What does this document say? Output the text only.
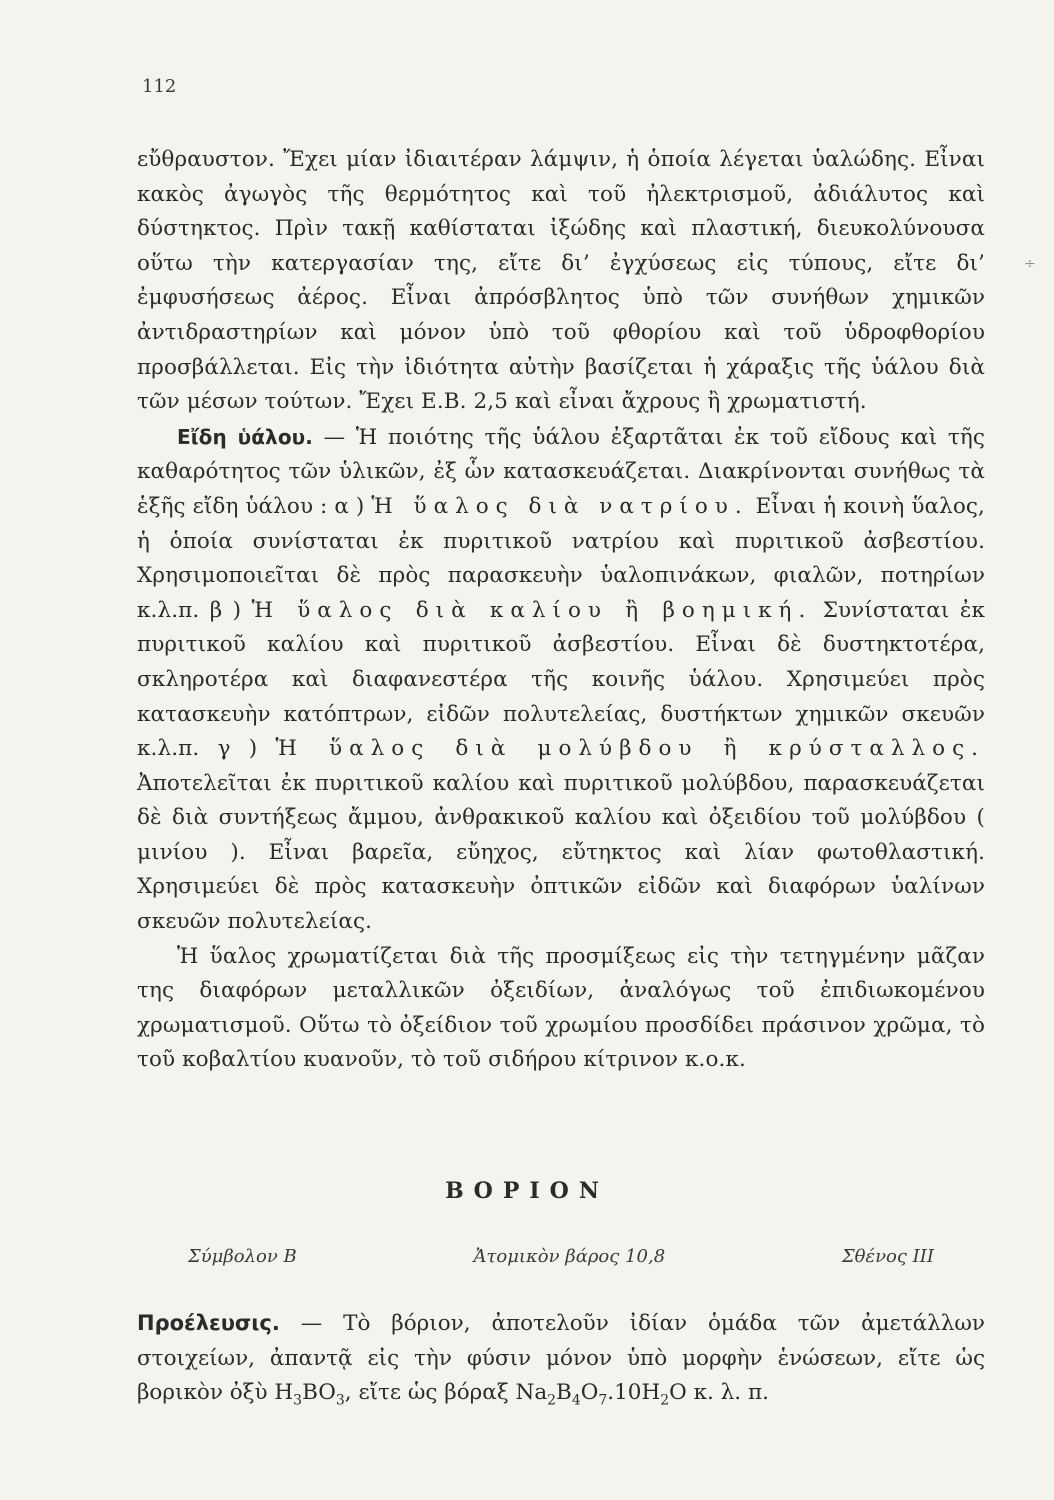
112
÷

εὔθραυστον. Ἔχει μίαν ἰδιαιτέραν λάμψιν, ἡ ὁποία λέγεται ὑαλώδης. Εἶναι κακὸς ἀγωγὸς τῆς θερμότητος καὶ τοῦ ἠλεκτρισμοῦ, ἀδιάλυτος καὶ δύστηκτος. Πρὶν τακῇ καθίσταται ἰξώδης καὶ πλαστική, διευκολύνουσα οὕτω τὴν κατεργασίαν της, εἴτε δι’ ἐγχύσεως εἰς τύπους, εἴτε δι’ ἐμφυσήσεως ἀέρος. Εἶναι ἀπρόσβλητος ὑπὸ τῶν συνήθων χημικῶν ἀντιδραστηρίων καὶ μόνον ὑπὸ τοῦ φθορίου καὶ τοῦ ὑδροφθορίου προσβάλλεται. Εἰς τὴν ἰδιότητα αὐτὴν βασίζεται ἡ χάραξις τῆς ὑάλου διὰ τῶν μέσων τούτων. Ἔχει Ε.Β. 2,5 καὶ εἶναι ἄχρους ἢ χρωματιστή.

Εἴδη ὑάλου. — Ἡ ποιότης τῆς ὑάλου ἐξαρτᾶται ἐκ τοῦ εἴδους καὶ τῆς καθαρότητος τῶν ὑλικῶν, ἐξ ὧν κατασκευάζεται. Διακρίνονται συνήθως τὰ ἑξῆς εἴδη ὑάλου : α ) Ἡ ὕαλος διὰ νατρίου. Εἶναι ἡ κοινὴ ὕαλος, ἡ ὁποία συνίσταται ἐκ πυριτικοῦ νατρίου καὶ πυριτικοῦ ἀσβεστίου. Χρησιμοποιεῖται δὲ πρὸς παρασκευὴν ὑαλοπινάκων, φιαλῶν, ποτηρίων κ.λ.π. β ) Ἡ ὕαλος διὰ καλίου ἢ βοημική. Συνίσταται ἐκ πυριτικοῦ καλίου καὶ πυριτικοῦ ἀσβεστίου. Εἶναι δὲ δυστηκτοτέρα, σκληροτέρα καὶ διαφανεστέρα τῆς κοινῆς ὑάλου. Χρησιμεύει πρὸς κατασκευὴν κατόπτρων, εἰδῶν πολυτελείας, δυστήκτων χημικῶν σκευῶν κ.λ.π. γ ) Ἡ ὕαλος διὰ μολύβδου ἢ κρύσταλλος. Ἀποτελεῖται ἐκ πυριτικοῦ καλίου καὶ πυριτικοῦ μολύβδου, παρασκευάζεται δὲ διὰ συντήξεως ἄμμου, ἀνθρακικοῦ καλίου καὶ ὀξειδίου τοῦ μολύβδου ( μινίου ). Εἶναι βαρεῖα, εὔηχος, εὔτηκτος καὶ λίαν φωτοθλαστική. Χρησιμεύει δὲ πρὸς κατασκευὴν ὀπτικῶν εἰδῶν καὶ διαφόρων ὑαλίνων σκευῶν πολυτελείας.

Ἡ ὕαλος χρωματίζεται διὰ τῆς προσμίξεως εἰς τὴν τετηγμένην μᾶζαν της διαφόρων μεταλλικῶν ὀξειδίων, ἀναλόγως τοῦ ἐπιδιωκομένου χρωματισμοῦ. Οὕτω τὸ ὀξείδιον τοῦ χρωμίου προσδίδει πράσινον χρῶμα, τὸ τοῦ κοβαλτίου κυανοῦν, τὸ τοῦ σιδήρου κίτρινον κ.ο.κ.

ΒΟΡΙΟΝ
Σύμβολον Β	Ἀτομικὸν βάρος 10,8	Σθένος ΙΙΙ

Προέλευσις. — Τὸ βόριον, ἀποτελοῦν ἰδίαν ὁμάδα τῶν ἀμετάλλων στοιχείων, ἀπαντᾷ εἰς τὴν φύσιν μόνον ὑπὸ μορφὴν ἑνώσεων, εἴτε ὡς βορικὸν ὀξὺ $H_3BO_3$, εἴτε ὡς βόραξ $Na_2B_4O_7.10H_2O$ κ. λ. π.
